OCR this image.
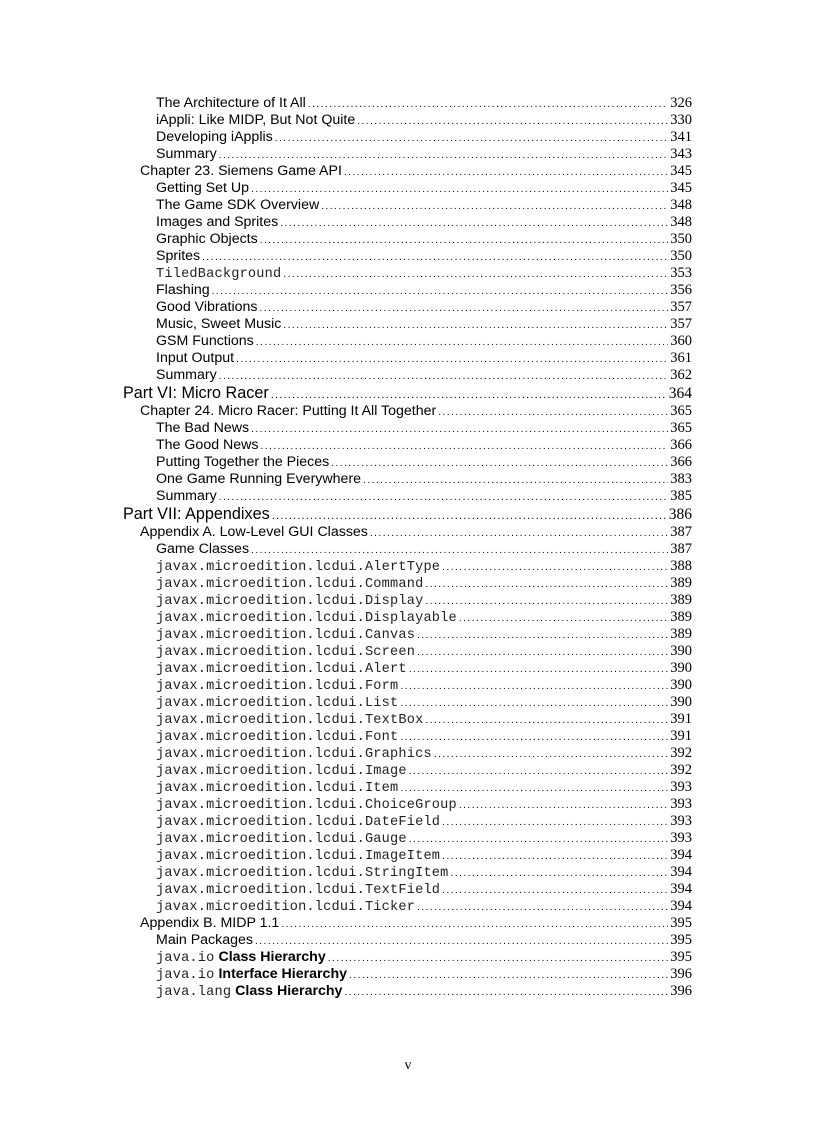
The Architecture of It All .....	326
iAppli: Like MIDP, But Not Quite .....	330
Developing iApplis .....	341
Summary .....	343
Chapter 23. Siemens Game API .....	345
Getting Set Up .....	345
The Game SDK Overview .....	348
Images and Sprites .....	348
Graphic Objects .....	350
Sprites .....	350
TiledBackground .....	353
Flashing .....	356
Good Vibrations .....	357
Music, Sweet Music .....	357
GSM Functions .....	360
Input Output .....	361
Summary .....	362
Part VI: Micro Racer .....	364
Chapter 24. Micro Racer: Putting It All Together .....	365
The Bad News .....	365
The Good News .....	366
Putting Together the Pieces .....	366
One Game Running Everywhere .....	383
Summary .....	385
Part VII: Appendixes .....	386
Appendix A. Low-Level GUI Classes .....	387
Game Classes .....	387
javax.microedition.lcdui.AlertType .....	388
javax.microedition.lcdui.Command .....	389
javax.microedition.lcdui.Display .....	389
javax.microedition.lcdui.Displayable .....	389
javax.microedition.lcdui.Canvas .....	389
javax.microedition.lcdui.Screen .....	390
javax.microedition.lcdui.Alert .....	390
javax.microedition.lcdui.Form .....	390
javax.microedition.lcdui.List .....	390
javax.microedition.lcdui.TextBox .....	391
javax.microedition.lcdui.Font .....	391
javax.microedition.lcdui.Graphics .....	392
javax.microedition.lcdui.Image .....	392
javax.microedition.lcdui.Item .....	393
javax.microedition.lcdui.ChoiceGroup .....	393
javax.microedition.lcdui.DateField .....	393
javax.microedition.lcdui.Gauge .....	393
javax.microedition.lcdui.ImageItem .....	394
javax.microedition.lcdui.StringItem .....	394
javax.microedition.lcdui.TextField .....	394
javax.microedition.lcdui.Ticker .....	394
Appendix B. MIDP 1.1 .....	395
Main Packages .....	395
java.io Class Hierarchy .....	395
java.io Interface Hierarchy .....	396
java.lang Class Hierarchy .....	396
v
